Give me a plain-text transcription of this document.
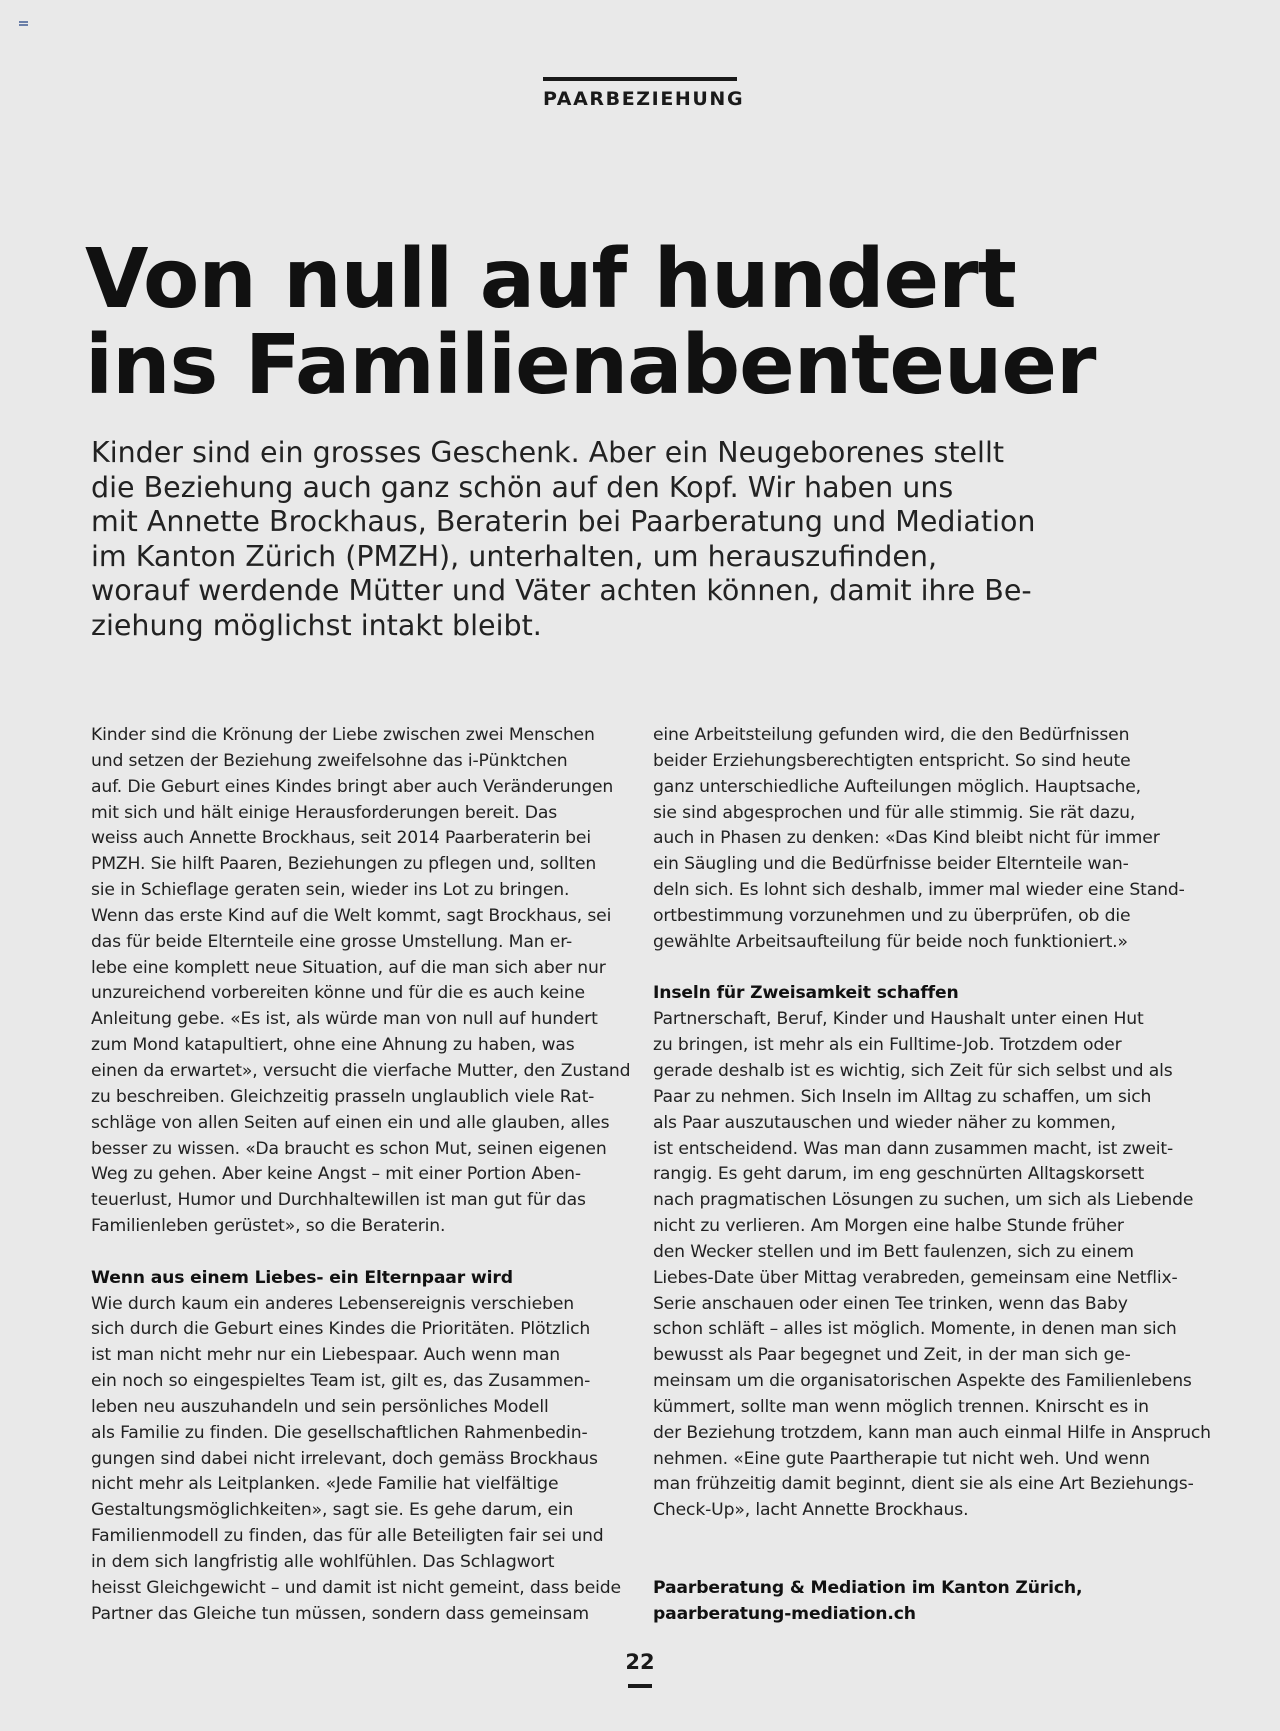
PAARBEZIEHUNG
Von null auf hundert
ins Familienabenteuer
Kinder sind ein grosses Geschenk. Aber ein Neugeborenes stellt
die Beziehung auch ganz schön auf den Kopf. Wir haben uns
mit Annette Brockhaus, Beraterin bei Paarberatung und Mediation
im Kanton Zürich (PMZH), unterhalten, um herauszufinden,
worauf werdende Mütter und Väter achten können, damit ihre Be-
ziehung möglichst intakt bleibt.
Kinder sind die Krönung der Liebe zwischen zwei Menschen
und setzen der Beziehung zweifelsohne das i-Pünktchen
auf. Die Geburt eines Kindes bringt aber auch Veränderungen
mit sich und hält einige Herausforderungen bereit. Das
weiss auch Annette Brockhaus, seit 2014 Paarberaterin bei
PMZH. Sie hilft Paaren, Beziehungen zu pflegen und, sollten
sie in Schieflage geraten sein, wieder ins Lot zu bringen.
Wenn das erste Kind auf die Welt kommt, sagt Brockhaus, sei
das für beide Elternteile eine grosse Umstellung. Man er-
lebe eine komplett neue Situation, auf die man sich aber nur
unzureichend vorbereiten könne und für die es auch keine
Anleitung gebe. «Es ist, als würde man von null auf hundert
zum Mond katapultiert, ohne eine Ahnung zu haben, was
einen da erwartet», versucht die vierfache Mutter, den Zustand
zu beschreiben. Gleichzeitig prasseln unglaublich viele Rat-
schläge von allen Seiten auf einen ein und alle glauben, alles
besser zu wissen. «Da braucht es schon Mut, seinen eigenen
Weg zu gehen. Aber keine Angst – mit einer Portion Aben-
teuerlust, Humor und Durchhaltewillen ist man gut für das
Familienleben gerüstet», so die Beraterin.
Wenn aus einem Liebes- ein Elternpaar wird
Wie durch kaum ein anderes Lebensereignis verschieben
sich durch die Geburt eines Kindes die Prioritäten. Plötzlich
ist man nicht mehr nur ein Liebespaar. Auch wenn man
ein noch so eingespieltes Team ist, gilt es, das Zusammen-
leben neu auszuhandeln und sein persönliches Modell
als Familie zu finden. Die gesellschaftlichen Rahmenbedin-
gungen sind dabei nicht irrelevant, doch gemäss Brockhaus
nicht mehr als Leitplanken. «Jede Familie hat vielfältige
Gestaltungsmöglichkeiten», sagt sie. Es gehe darum, ein
Familienmodell zu finden, das für alle Beteiligten fair sei und
in dem sich langfristig alle wohlfühlen. Das Schlagwort
heisst Gleichgewicht – und damit ist nicht gemeint, dass beide
Partner das Gleiche tun müssen, sondern dass gemeinsam
eine Arbeitsteilung gefunden wird, die den Bedürfnissen
beider Erziehungsberechtigten entspricht. So sind heute
ganz unterschiedliche Aufteilungen möglich. Hauptsache,
sie sind abgesprochen und für alle stimmig. Sie rät dazu,
auch in Phasen zu denken: «Das Kind bleibt nicht für immer
ein Säugling und die Bedürfnisse beider Elternteile wan-
deln sich. Es lohnt sich deshalb, immer mal wieder eine Stand-
ortbestimmung vorzunehmen und zu überprüfen, ob die
gewählte Arbeitsaufteilung für beide noch funktioniert.»
Inseln für Zweisamkeit schaffen
Partnerschaft, Beruf, Kinder und Haushalt unter einen Hut
zu bringen, ist mehr als ein Fulltime-Job. Trotzdem oder
gerade deshalb ist es wichtig, sich Zeit für sich selbst und als
Paar zu nehmen. Sich Inseln im Alltag zu schaffen, um sich
als Paar auszutauschen und wieder näher zu kommen,
ist entscheidend. Was man dann zusammen macht, ist zweit-
rangig. Es geht darum, im eng geschnürten Alltagskorsett
nach pragmatischen Lösungen zu suchen, um sich als Liebende
nicht zu verlieren. Am Morgen eine halbe Stunde früher
den Wecker stellen und im Bett faulenzen, sich zu einem
Liebes-Date über Mittag verabreden, gemeinsam eine Netflix-
Serie anschauen oder einen Tee trinken, wenn das Baby
schon schläft – alles ist möglich. Momente, in denen man sich
bewusst als Paar begegnet und Zeit, in der man sich ge-
meinsam um die organisatorischen Aspekte des Familienlebens
kümmert, sollte man wenn möglich trennen. Knirscht es in
der Beziehung trotzdem, kann man auch einmal Hilfe in Anspruch
nehmen. «Eine gute Paartherapie tut nicht weh. Und wenn
man frühzeitig damit beginnt, dient sie als eine Art Beziehungs-
Check-Up», lacht Annette Brockhaus.
Paarberatung & Mediation im Kanton Zürich,
paarberatung-mediation.ch
22
